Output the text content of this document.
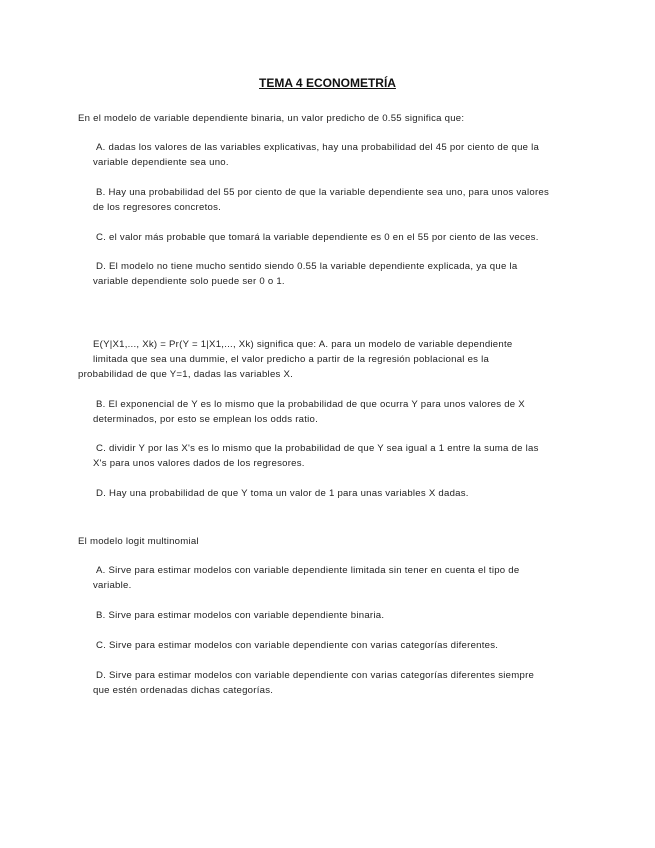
TEMA 4 ECONOMETRÍA
En el modelo de variable dependiente binaria, un valor predicho de 0.55 significa que:
A. dadas los valores de las variables explicativas, hay una probabilidad del 45 por ciento de que la
variable dependiente sea uno.
B. Hay una probabilidad del 55 por ciento de que la variable dependiente sea uno, para unos valores
de los regresores concretos.
C. el valor más probable que tomará la variable dependiente es 0 en el 55 por ciento de las veces.
D. El modelo no tiene mucho sentido siendo 0.55 la variable dependiente explicada, ya que la
variable dependiente solo puede ser 0 o 1.
E(Y|X1,..., Xk) = Pr(Y = 1|X1,..., Xk) significa que: A. para un modelo de variable dependiente
limitada que sea una dummie, el valor predicho a partir de la regresión poblacional es la
probabilidad de que Y=1, dadas las variables X.
B. El exponencial de Y es lo mismo que la probabilidad de que ocurra Y para unos valores de X
determinados, por esto se emplean los odds ratio.
C. dividir Y por las X's es lo mismo que la probabilidad de que Y sea igual a 1 entre la suma de las
X's para unos valores dados de los regresores.
D. Hay una probabilidad de que Y toma un valor de 1 para unas variables X dadas.
El modelo logit multinomial
A. Sirve para estimar modelos con variable dependiente limitada sin tener en cuenta el tipo de
variable.
B. Sirve para estimar modelos con variable dependiente binaria.
C. Sirve para estimar modelos con variable dependiente con varias categorías diferentes.
D. Sirve para estimar modelos con variable dependiente con varias categorías diferentes siempre
que estén ordenadas dichas categorías.
